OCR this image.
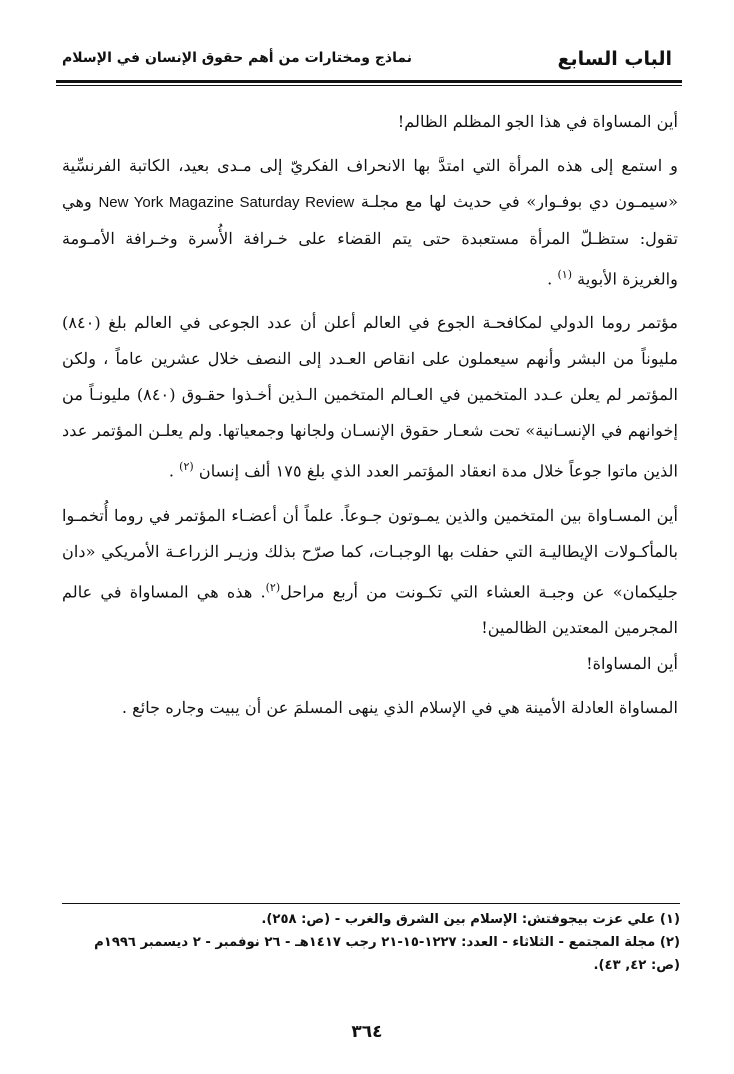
الباب السابع
نماذج ومختارات من أهم حقوق الإنسان في الإسلام

أين المساواة في هذا الجو المظلم الظالم!

و استمع إلى هذه المرأة التي امتدَّ بها الانحراف الفكريّ إلى مـدى بعيد، الكاتبة الفرنسِّية «سيمـون دي بوفـوار» في حديث لها مع مجلـة New York Magazine Saturday Review وهي تقول: ستظـلّ المرأة مستعبدة حتى يتم القضاء على خـرافة الأُسرة وخـرافة الأمـومة والغريزة الأبوية $^{(١)}$ .

مؤتمر روما الدولي لمكافحـة الجوع في العالم أعلن أن عدد الجوعى في العالم بلغ (٨٤٠) مليوناً من البشر وأنهم سيعملون على انقاص العـدد إلى النصف خلال عشرين عاماً ، ولكن المؤتمر لم يعلن عـدد المتخمين في العـالم المتخمين الـذين أخـذوا حقـوق (٨٤٠) مليونـاً من إخوانهم في الإنسـانية» تحت شعـار حقوق الإنسـان ولجانها وجمعياتها. ولم يعلـن المؤتمر عدد الذين ماتوا جوعاً خلال مدة انعقاد المؤتمر العدد الذي بلغ ١٧٥ ألف إنسان $^{(٢)}$ .

أين المسـاواة بين المتخمين والذين يمـوتون جـوعاً. علماً أن أعضـاء المؤتمر في روما أُتخمـوا بالمأكـولات الإيطاليـة التي حفلت بها الوجبـات، كما صرّح بذلك وزيـر الزراعـة الأمريكي «دان جليكمان» عن وجبـة العشاء التي تكـونت من أربع مراحل$^{(٢)}$. هذه هي المساواة في عالم المجرمين المعتدين الظالمين!

أين المساواة!

المساواة العادلة الأمينة هي في الإسلام الذي ينهى المسلمَ عن أن يبيت وجاره جائع .

(١) علي عزت بيجوفتش: الإسلام بين الشرق والغرب - (ص: ٢٥٨).

(٢) مجلة المجتمع - الثلاثاء - العدد: ١٢٢٧-١٥-٢١ رجب ١٤١٧هـ - ٢٦ نوفمبر - ٢ ديسمبر ١٩٩٦م (ص: ٤٢, ٤٣).

٣٦٤
